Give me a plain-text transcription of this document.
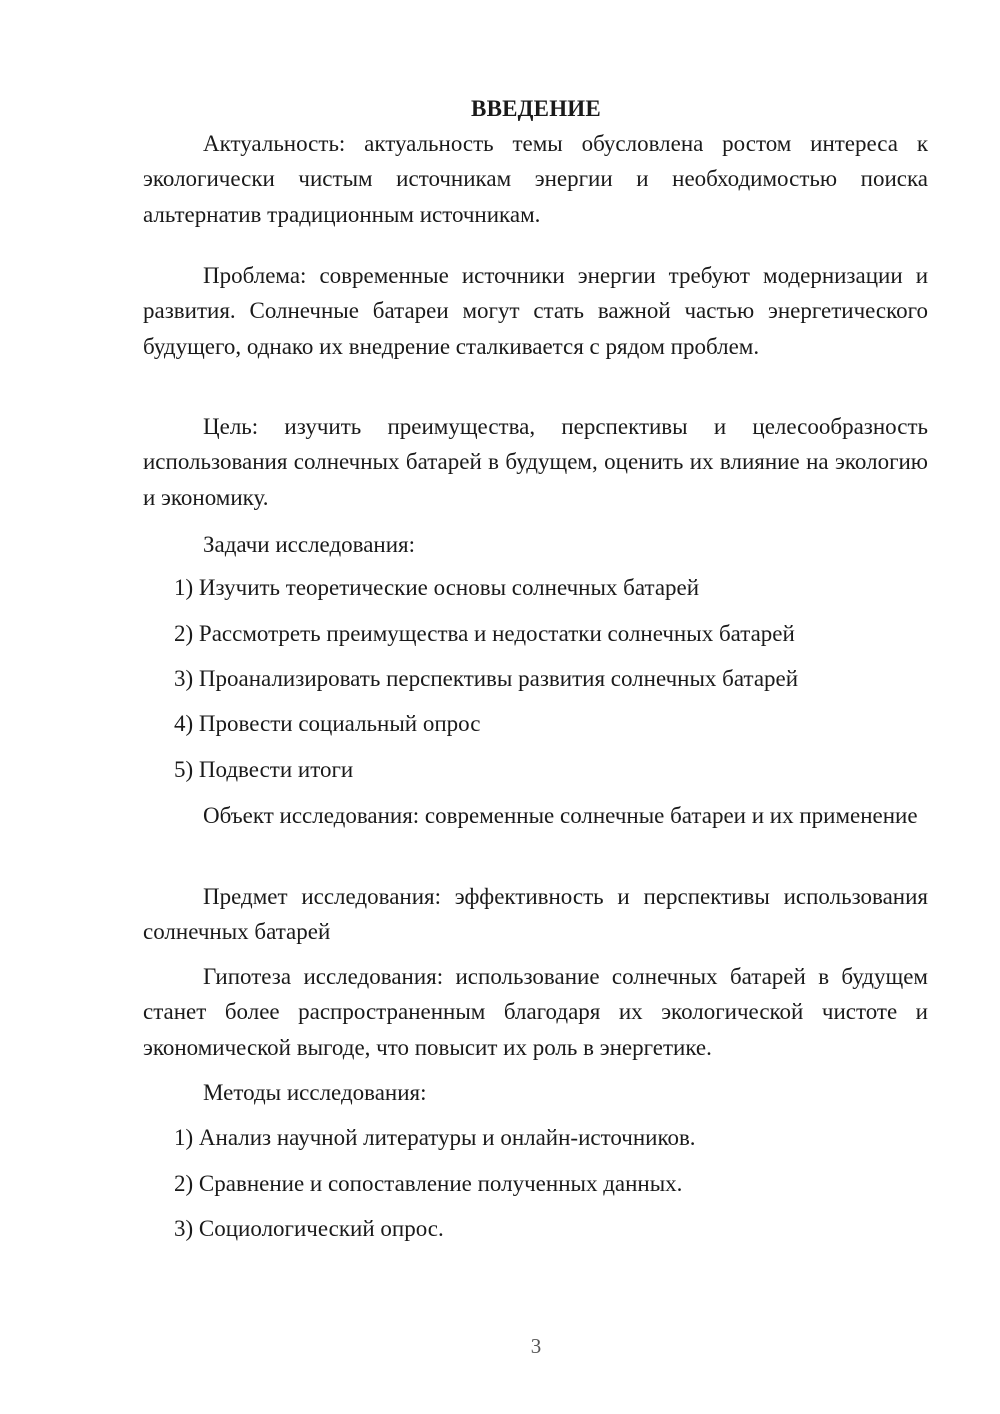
ВВЕДЕНИЕ

Актуальность: актуальность темы обусловлена ростом интереса к экологически чистым источникам энергии и необходимостью поиска альтернатив традиционным источникам.

Проблема: современные источники энергии требуют модернизации и развития. Солнечные батареи могут стать важной частью энергетического будущего, однако их внедрение сталкивается с рядом проблем.

Цель: изучить преимущества, перспективы и целесообразность использования солнечных батарей в будущем, оценить их влияние на экологию и экономику.

Задачи исследования:

1) Изучить теоретические основы солнечных батарей
2) Рассмотреть преимущества и недостатки солнечных батарей
3) Проанализировать перспективы развития солнечных батарей
4) Провести социальный опрос
5) Подвести итоги

Объект исследования: современные солнечные батареи и их применение

Предмет исследования: эффективность и перспективы использования солнечных батарей

Гипотеза исследования: использование солнечных батарей в будущем станет более распространенным благодаря их экологической чистоте и экономической выгоде, что повысит их роль в энергетике.

Методы исследования:

1) Анализ научной литературы и онлайн-источников.
2) Сравнение и сопоставление полученных данных.
3) Социологический опрос.
3
